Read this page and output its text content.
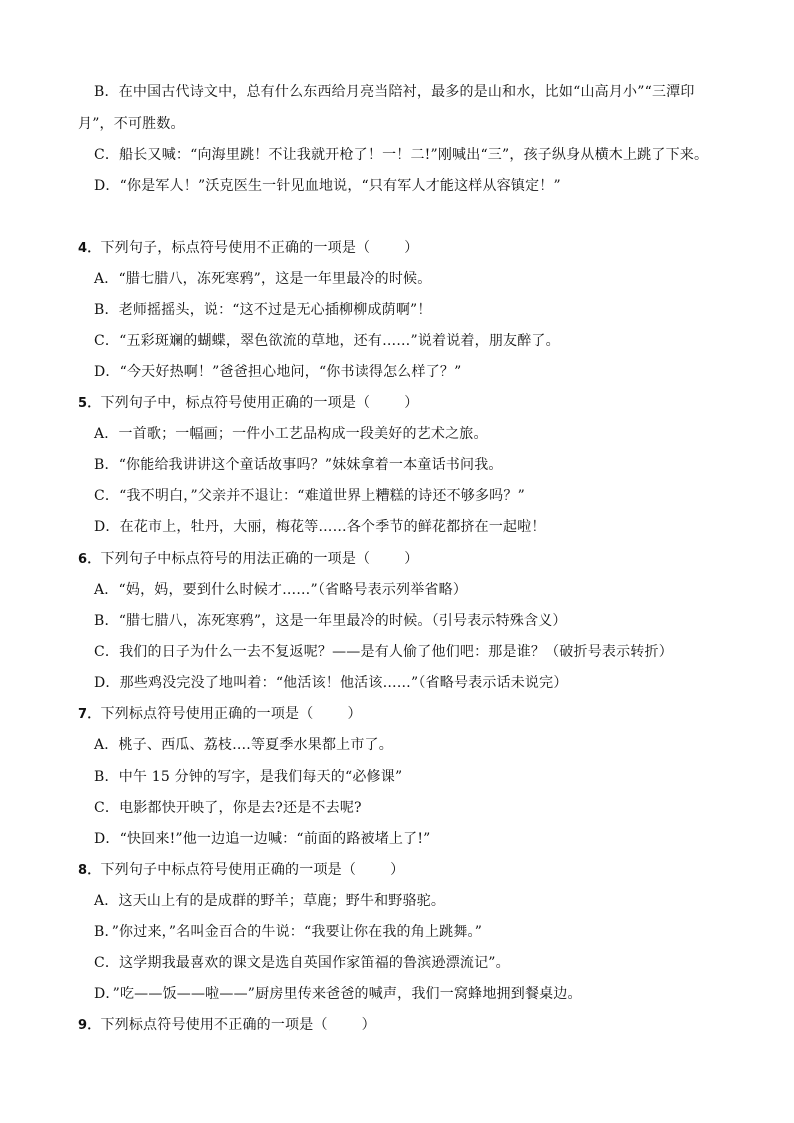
B．在中国古代诗文中，总有什么东西给月亮当陪衬，最多的是山和水，比如“山高月小”“三潭印
月”，不可胜数。
C．船长又喊：“向海里跳！不让我就开枪了！一！二!”刚喊出“三”，孩子纵身从横木上跳了下来。
D．“你是军人！”沃克医生一针见血地说，“只有军人才能这样从容镇定！”
4．下列句子，标点符号使用不正确的一项是（ ）
A．“腊七腊八，冻死寒鸦”，这是一年里最冷的时候。
B．老师摇摇头，说：“这不过是无心插柳柳成荫啊”！
C．“五彩斑斓的蝴蝶，翠色欲流的草地，还有……”说着说着，朋友醉了。
D．“今天好热啊！”爸爸担心地问，“你书读得怎么样了？”
5．下列句子中，标点符号使用正确的一项是（ ）
A．一首歌；一幅画；一件小工艺品构成一段美好的艺术之旅。
B．“你能给我讲讲这个童话故事吗？”妹妹拿着一本童话书问我。
C．“我不明白，”父亲并不退让：“难道世界上糟糕的诗还不够多吗？”
D．在花市上，牡丹，大丽，梅花等……各个季节的鲜花都挤在一起啦！
6．下列句子中标点符号的用法正确的一项是（ ）
A．“妈，妈，要到什么时候才……”（省略号表示列举省略）
B．“腊七腊八，冻死寒鸦”，这是一年里最冷的时候。（引号表示特殊含义）
C．我们的日子为什么一去不复返呢？——是有人偷了他们吧：那是谁？（破折号表示转折）
D．那些鸡没完没了地叫着：“他活该！他活该……”（省略号表示话未说完）
7．下列标点符号使用正确的一项是（ ）
A．桃子、西瓜、荔枝….等夏季水果都上市了。
B．中午 15 分钟的写字，是我们每天的“必修课”
C．电影都快开映了，你是去?还是不去呢?
D．“快回来!”他一边追一边喊：“前面的路被堵上了!”
8．下列句子中标点符号使用正确的一项是（ ）
A．这天山上有的是成群的野羊；草鹿；野牛和野骆驼。
B．”你过来，”名叫金百合的牛说：“我要让你在我的角上跳舞。”
C．这学期我最喜欢的课文是选自英国作家笛福的鲁滨逊漂流记”。
D．”吃——饭——啦——”厨房里传来爸爸的喊声，我们一窝蜂地拥到餐桌边。
9．下列标点符号使用不正确的一项是（ ）
